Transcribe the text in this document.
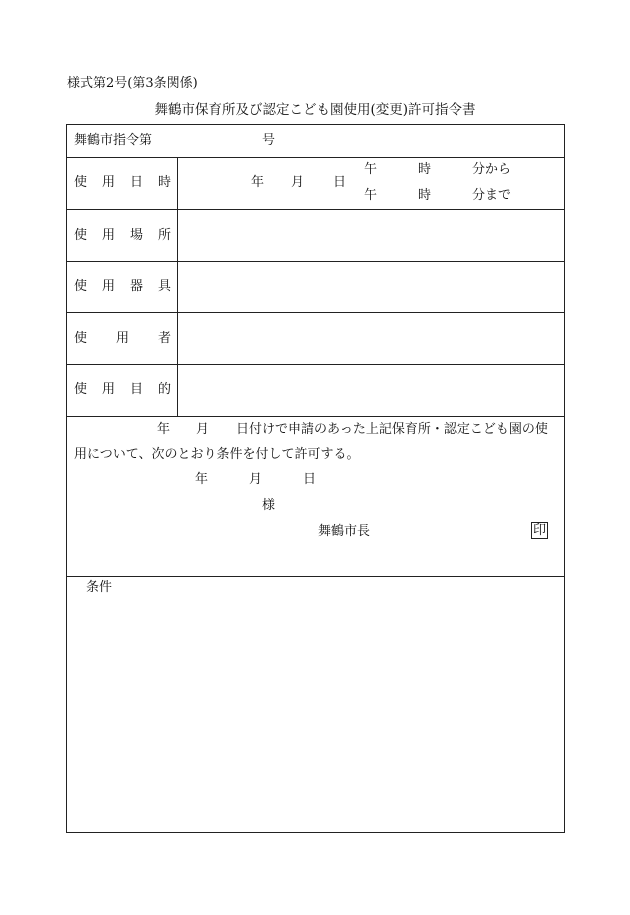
様式第2号(第3条関係)
舞鶴市保育所及び認定こども園使用(変更)許可指令書
舞鶴市指令第	号
使 用 日 時	年 月 日
午	時	分から
午	時	分まで
使 用 場 所
使 用 器 具
使 用 者
使 用 目 的
年 月 日付けで申請のあった上記保育所・認定こども園の使
用について、次のとおり条件を付して許可する。
年	月	日
様
舞鶴市長	印
条件
